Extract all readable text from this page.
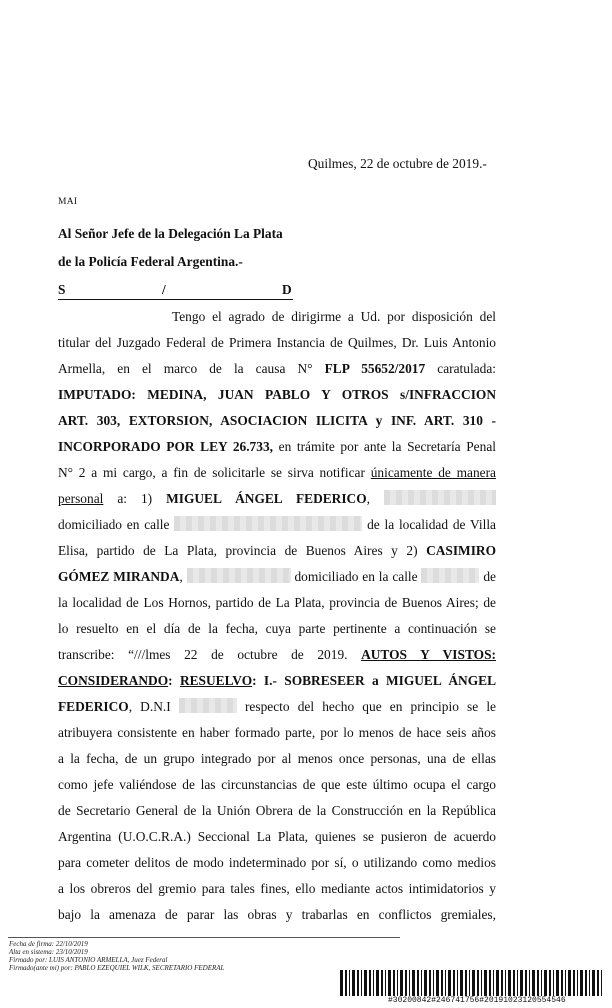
Quilmes, 22 de octubre de 2019.-
MAI
Al Señor Jefe de la Delegación La Plata
de la Policía Federal Argentina.-
S	/	D
Tengo el agrado de dirigirme a Ud. por disposición del
titular del Juzgado Federal de Primera Instancia de Quilmes, Dr. Luis Antonio
Armella, en el marco de la causa N° FLP 55652/2017 caratulada:
IMPUTADO: MEDINA, JUAN PABLO Y OTROS s/INFRACCION
ART. 303, EXTORSION, ASOCIACION ILICITA y INF. ART. 310 -
INCORPORADO POR LEY 26.733, en trámite por ante la Secretaría Penal
N° 2 a mi cargo, a fin de solicitarle se sirva notificar únicamente de manera
personal a: 1) MIGUEL ÁNGEL FEDERICO,
domiciliado en calle	de la localidad de Villa
Elisa, partido de La Plata, provincia de Buenos Aires y 2) CASIMIRO
GÓMEZ MIRANDA,	domiciliado en la calle	de
la localidad de Los Hornos, partido de La Plata, provincia de Buenos Aires; de
lo resuelto en el día de la fecha, cuya parte pertinente a continuación se
transcribe: “///lmes 22 de octubre de 2019. AUTOS Y VISTOS:
CONSIDERANDO: RESUELVO: I.- SOBRESEER a MIGUEL ÁNGEL
FEDERICO, D.N.I	respecto del hecho que en principio se le
atribuyera consistente en haber formado parte, por lo menos de hace seis años
a la fecha, de un grupo integrado por al menos once personas, una de ellas
como jefe valiéndose de las circunstancias de que este último ocupa el cargo
de Secretario General de la Unión Obrera de la Construcción en la República
Argentina (U.O.C.R.A.) Seccional La Plata, quienes se pusieron de acuerdo
para cometer delitos de modo indeterminado por sí, o utilizando como medios
a los obreros del gremio para tales fines, ello mediante actos intimidatorios y
bajo la amenaza de parar las obras y trabarlas en conflictos gremiales,
Fecha de firma: 22/10/2019
Alta en sistema: 23/10/2019
Firmado por: LUIS ANTONIO ARMELLA, Juez Federal
Firmado(ante mi) por: PABLO EZEQUIEL WILK, SECRETARIO FEDERAL
#30200842#246741756#20191023120554546
